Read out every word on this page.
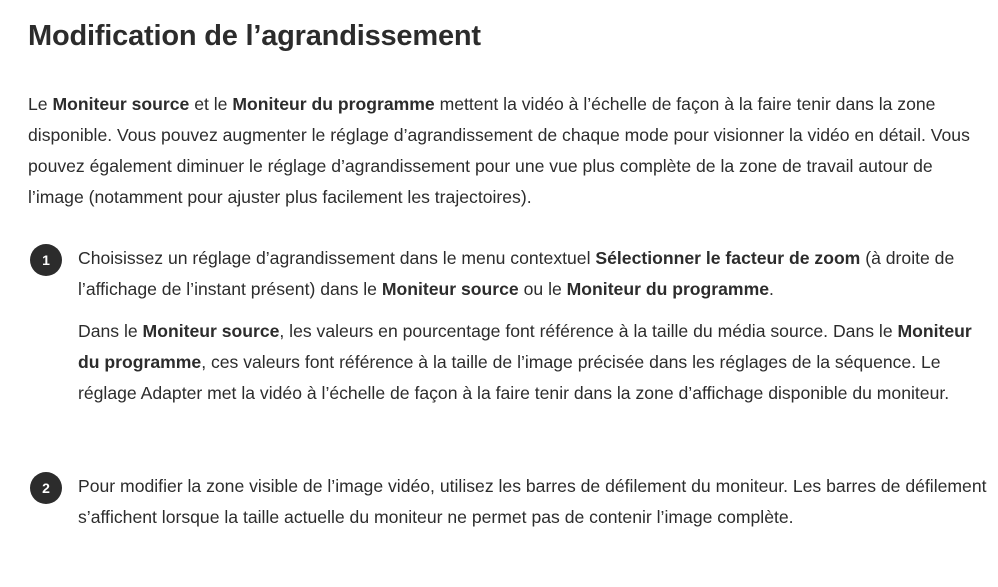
Modification de l’agrandissement

Le Moniteur source et le Moniteur du programme mettent la vidéo à l’échelle de façon à la faire tenir dans la zone disponible. Vous pouvez augmenter le réglage d’agrandissement de chaque mode pour visionner la vidéo en détail. Vous pouvez également diminuer le réglage d’agrandissement pour une vue plus complète de la zone de travail autour de l’image (notamment pour ajuster plus facilement les trajectoires).

1	Choisissez un réglage d’agrandissement dans le menu contextuel Sélectionner le facteur de zoom (à droite de l’affichage de l’instant présent) dans le Moniteur source ou le Moniteur du programme.

Dans le Moniteur source, les valeurs en pourcentage font référence à la taille du média source. Dans le Moniteur du programme, ces valeurs font référence à la taille de l’image précisée dans les réglages de la séquence. Le réglage Adapter met la vidéo à l’échelle de façon à la faire tenir dans la zone d’affichage disponible du moniteur.

2	Pour modifier la zone visible de l’image vidéo, utilisez les barres de défilement du moniteur. Les barres de défilement s’affichent lorsque la taille actuelle du moniteur ne permet pas de contenir l’image complète.
